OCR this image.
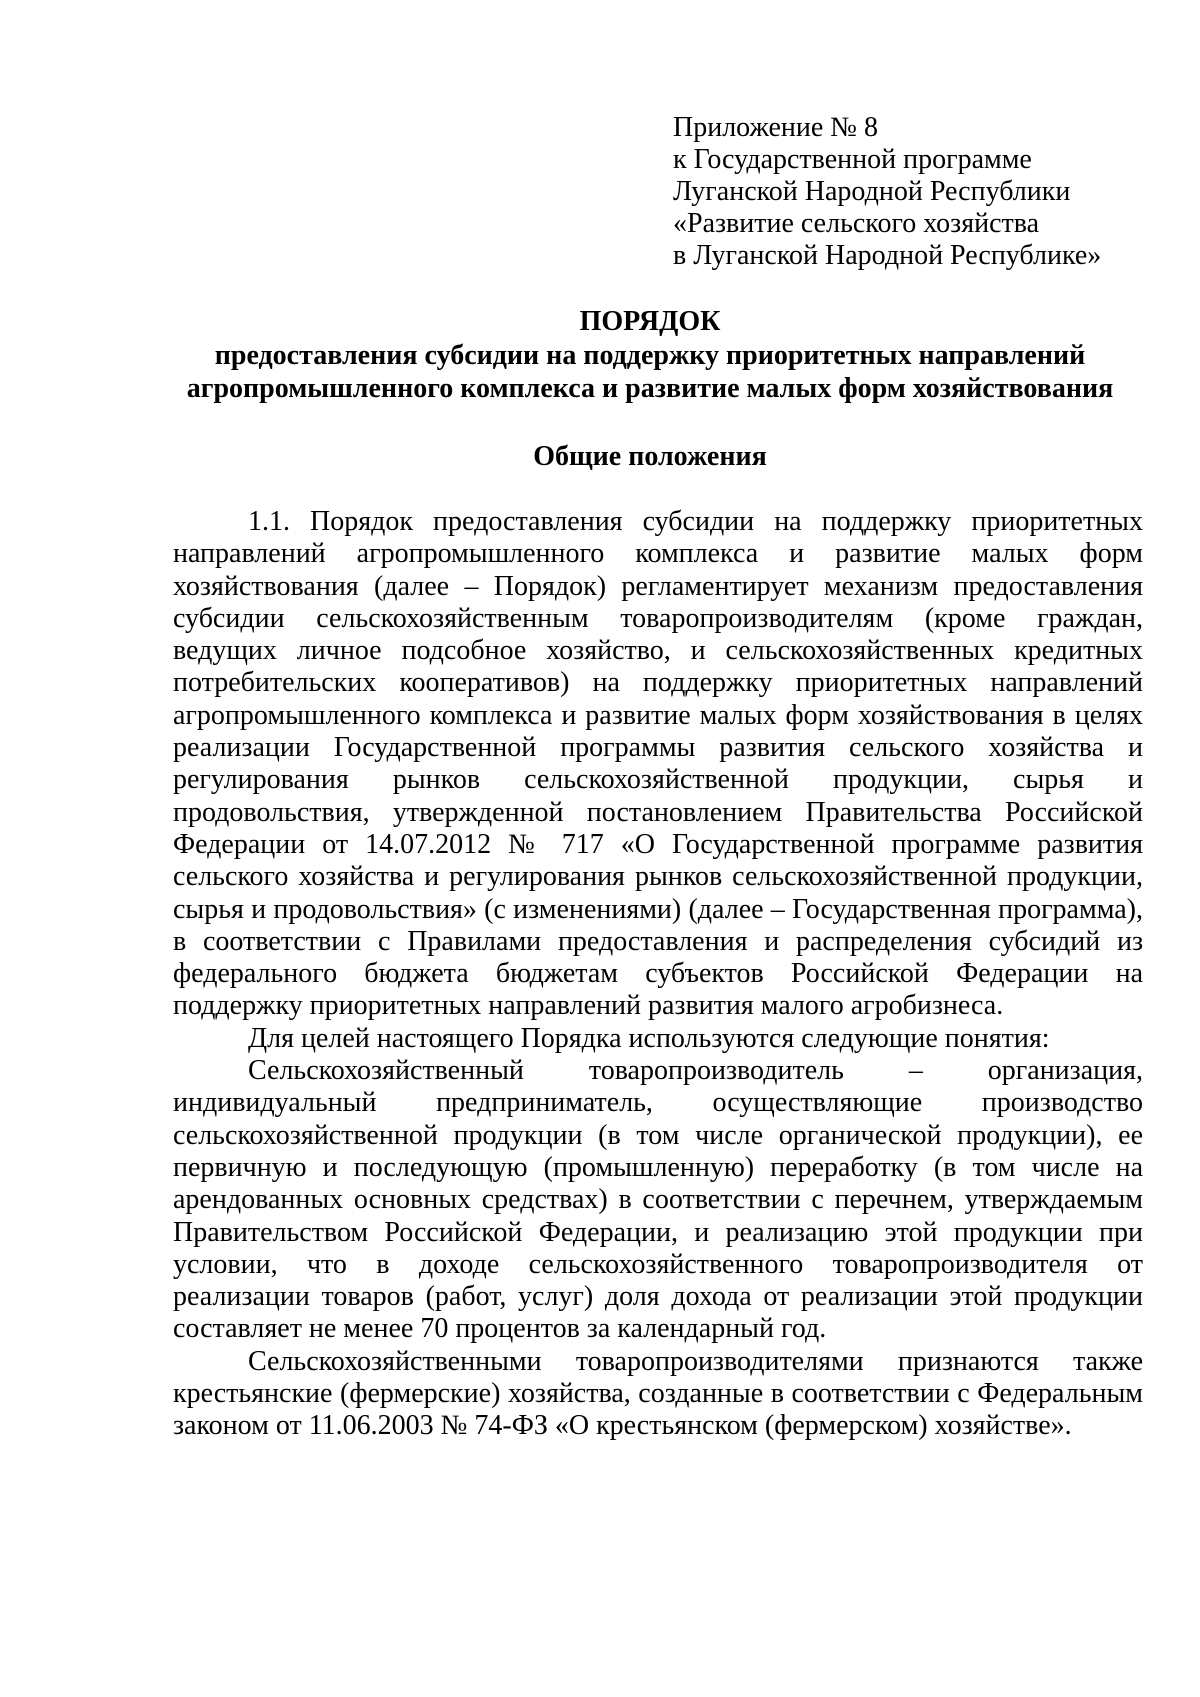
Приложение № 8
к Государственной программе
Луганской Народной Республики
«Развитие сельского хозяйства
в Луганской Народной Республике»
ПОРЯДОК
предоставления субсидии на поддержку приоритетных направлений
агропромышленного комплекса и развитие малых форм хозяйствования
Общие положения

1.1. Порядок предоставления субсидии на поддержку приоритетных направлений агропромышленного комплекса и развитие малых форм хозяйствования (далее – Порядок) регламентирует механизм предоставления субсидии сельскохозяйственным товаропроизводителям (кроме граждан, ведущих личное подсобное хозяйство, и сельскохозяйственных кредитных потребительских кооперативов) на поддержку приоритетных направлений агропромышленного комплекса и развитие малых форм хозяйствования в целях реализации Государственной программы развития сельского хозяйства и регулирования рынков сельскохозяйственной продукции, сырья и продовольствия, утвержденной постановлением Правительства Российской Федерации от 14.07.2012 № 717 «О Государственной программе развития сельского хозяйства и регулирования рынков сельскохозяйственной продукции, сырья и продовольствия» (с изменениями) (далее – Государственная программа), в соответствии с Правилами предоставления и распределения субсидий из федерального бюджета бюджетам субъектов Российской Федерации на поддержку приоритетных направлений развития малого агробизнеса.

Для целей настоящего Порядка используются следующие понятия:

Сельскохозяйственный товаропроизводитель – организация, индивидуальный предприниматель, осуществляющие производство сельскохозяйственной продукции (в том числе органической продукции), ее первичную и последующую (промышленную) переработку (в том числе на арендованных основных средствах) в соответствии с перечнем, утверждаемым Правительством Российской Федерации, и реализацию этой продукции при условии, что в доходе сельскохозяйственного товаропроизводителя от реализации товаров (работ, услуг) доля дохода от реализации этой продукции составляет не менее 70 процентов за календарный год.

Сельскохозяйственными товаропроизводителями признаются также крестьянские (фермерские) хозяйства, созданные в соответствии с Федеральным законом от 11.06.2003 № 74-ФЗ «О крестьянском (фермерском) хозяйстве».
